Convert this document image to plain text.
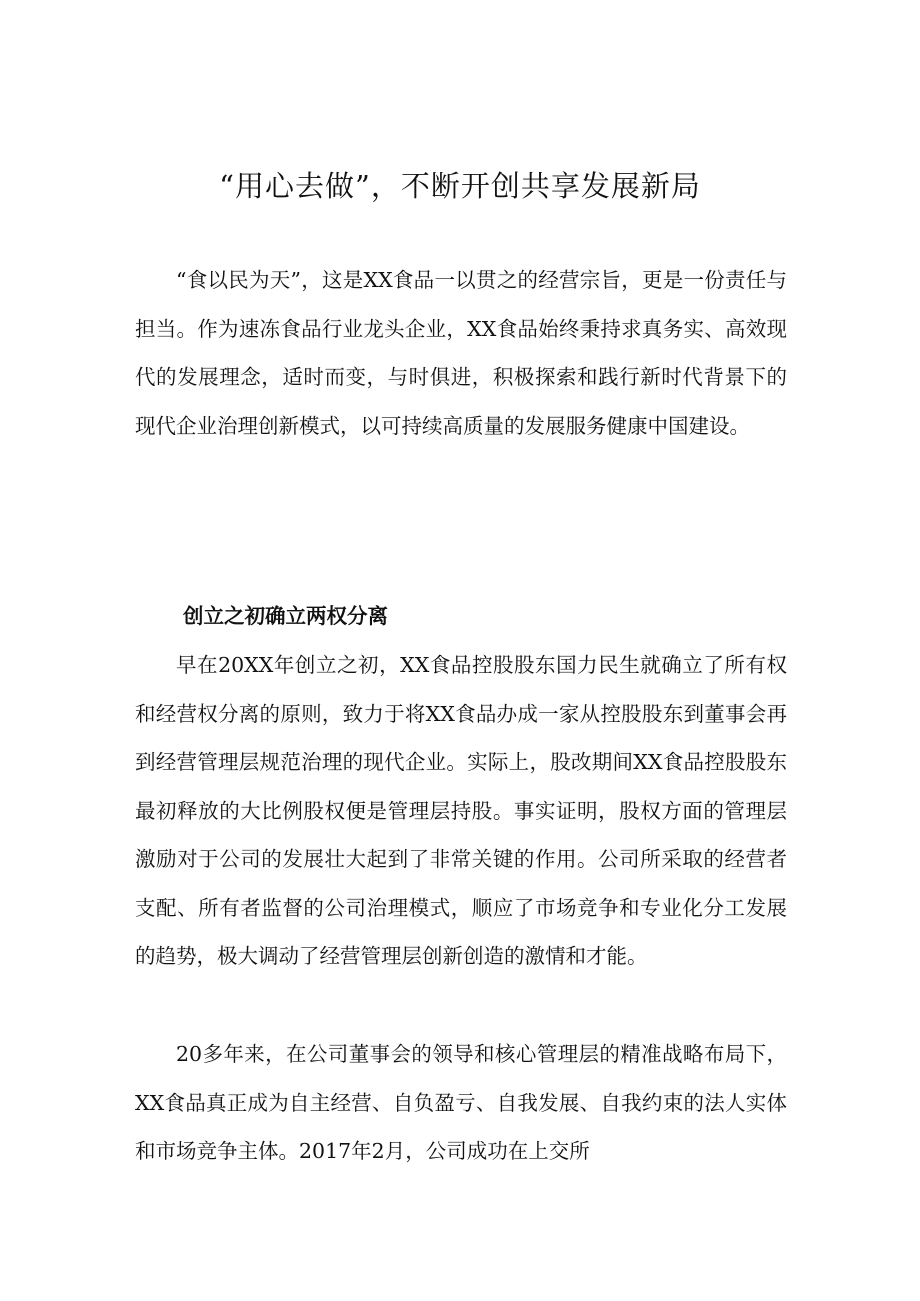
“用心去做”，不断开创共享发展新局

“食以民为天”，这是XX食品一以贯之的经营宗旨，更是一份责任与担当。作为速冻食品行业龙头企业，XX食品始终秉持求真务实、高效现代的发展理念，适时而变，与时俱进，积极探索和践行新时代背景下的现代企业治理创新模式，以可持续高质量的发展服务健康中国建设。

创立之初确立两权分离

早在20XX年创立之初，XX食品控股股东国力民生就确立了所有权和经营权分离的原则，致力于将XX食品办成一家从控股股东到董事会再到经营管理层规范治理的现代企业。实际上，股改期间XX食品控股股东最初释放的大比例股权便是管理层持股。事实证明，股权方面的管理层激励对于公司的发展壮大起到了非常关键的作用。公司所采取的经营者支配、所有者监督的公司治理模式，顺应了市场竞争和专业化分工发展的趋势，极大调动了经营管理层创新创造的激情和才能。

20多年来，在公司董事会的领导和核心管理层的精准战略布局下，XX食品真正成为自主经营、自负盈亏、自我发展、自我约束的法人实体和市场竞争主体。2017年2月，公司成功在上交所
